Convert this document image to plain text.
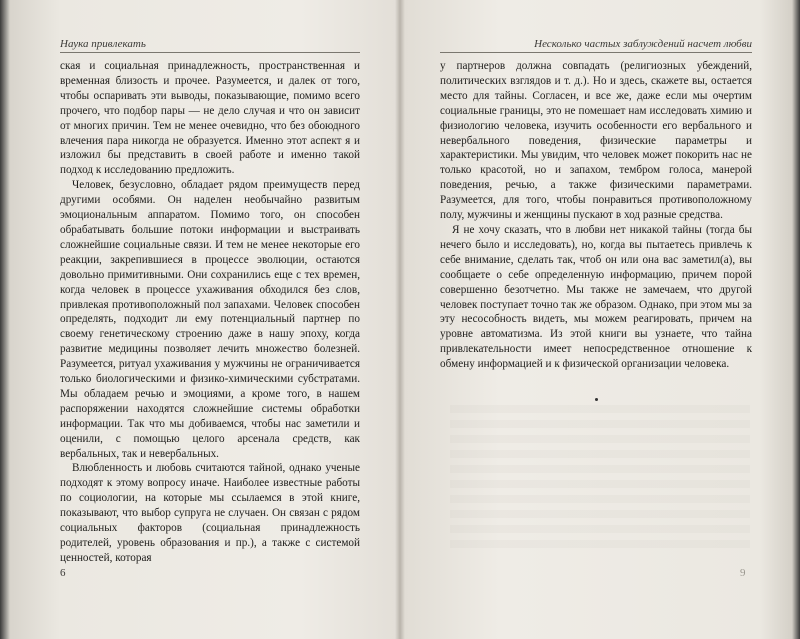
Наука привлекать

ская и социальная принадлежность, пространственная и временная близость и прочее. Разумеется, и далек от того, чтобы оспаривать эти выводы, показывающие, помимо всего прочего, что подбор пары — не дело случая и что он зависит от многих причин. Тем не менее очевидно, что без обоюдного влечения пара никогда не образуется. Именно этот аспект я и изложил бы представить в своей работе и именно такой подход к исследованию предложить.

Человек, безусловно, обладает рядом преимуществ перед другими особями. Он наделен необычайно развитым эмоциональным аппаратом. Помимо того, он способен обрабатывать большие потоки информации и выстраивать сложнейшие социальные связи. И тем не менее некоторые его реакции, закрепившиеся в процессе эволюции, остаются довольно примитивными. Они сохранились еще с тех времен, когда человек в процессе ухаживания обходился без слов, привлекая противоположный пол запахами. Человек способен определять, подходит ли ему потенциальный партнер по своему генетическому строению даже в нашу эпоху, когда развитие медицины позволяет лечить множество болезней. Разумеется, ритуал ухаживания у мужчины не ограничивается только биологическими и физико-химическими субстратами. Мы обладаем речью и эмоциями, а кроме того, в нашем распоряжении находятся сложнейшие системы обработки информации. Так что мы добиваемся, чтобы нас заметили и оценили, с помощью целого арсенала средств, как вербальных, так и невербальных.

Влюбленность и любовь считаются тайной, однако ученые подходят к этому вопросу иначе. Наиболее известные работы по социологии, на которые мы ссылаемся в этой книге, показывают, что выбор супруга не случаен. Он связан с рядом социальных факторов (социальная принадлежность родителей, уровень образования и пр.), а также с системой ценностей, которая

Несколько частых заблуждений насчет любви

у партнеров должна совпадать (религиозных убеждений, политических взглядов и т. д.). Но и здесь, скажете вы, остается место для тайны. Согласен, и все же, даже если мы очертим социальные границы, это не помешает нам исследовать химию и физиологию человека, изучить особенности его вербального и невербального поведения, физические параметры и характеристики. Мы увидим, что человек может покорить нас не только красотой, но и запахом, тембром голоса, манерой поведения, речью, а также физическими параметрами. Разумеется, для того, чтобы понравиться противоположному полу, мужчины и женщины пускают в ход разные средства.

Я не хочу сказать, что в любви нет никакой тайны (тогда бы нечего было и исследовать), но, когда вы пытаетесь привлечь к себе внимание, сделать так, чтоб он или она вас заметил(а), вы сообщаете о себе определенную информацию, причем порой совершенно безотчетно. Мы также не замечаем, что другой человек поступает точно так же образом. Однако, при этом мы за эту несособность видеть, мы можем реагировать, причем на уровне автоматизма. Из этой книги вы узнаете, что тайна привлекательности имеет непосредственное отношение к обмену информацией и к физической организации человека.

6	9
